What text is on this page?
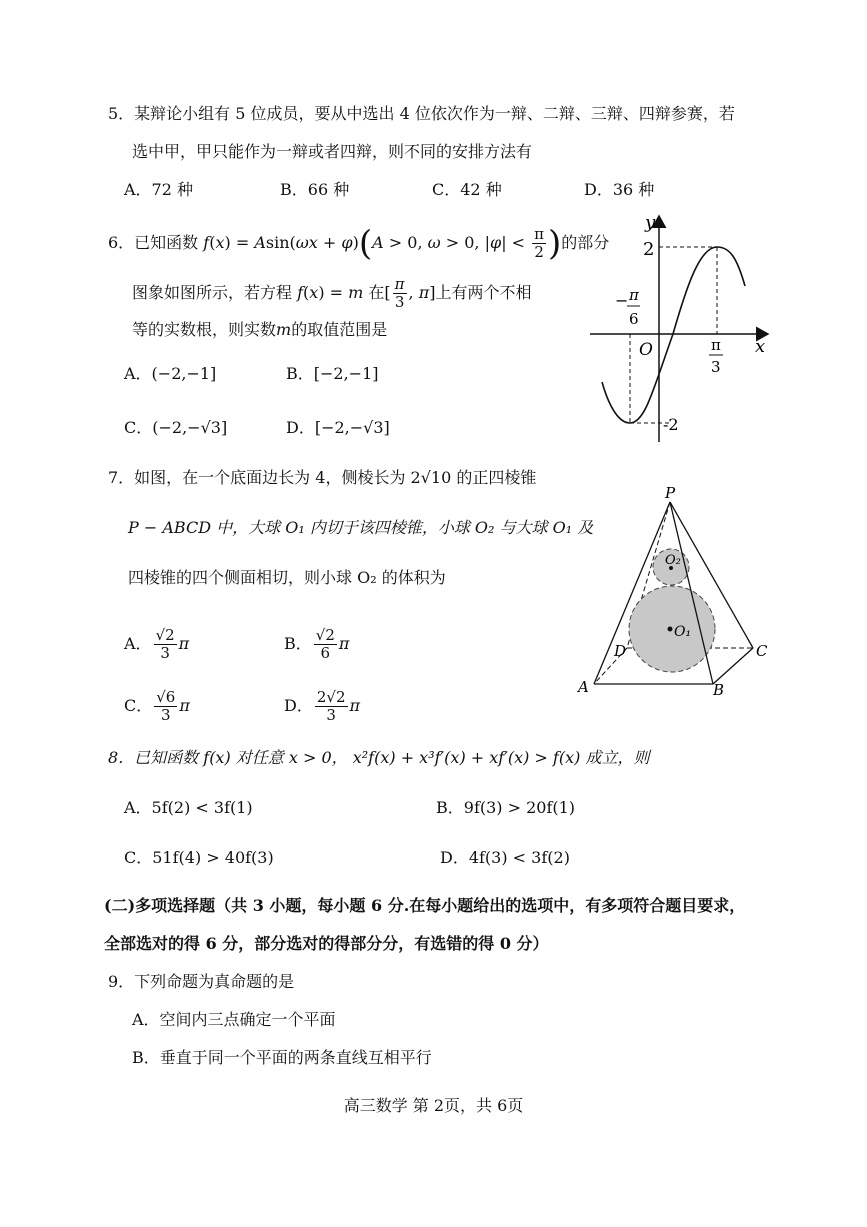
5．某辩论小组有 5 位成员，要从中选出 4 位依次作为一辩、二辩、三辩、四辩参赛，若
选中甲，甲只能作为一辩或者四辩，则不同的安排方法有
A．72 种	B．66 种	C．42 种	D．36 种
6．已知函数 f(x) = Asin(ωx + φ)(A > 0, ω > 0, $|\varphi| < \frac{\pi}{2}$ )的部分
图象如图所示，若方程 f(x) = m 在[ $\frac{\pi}{3}$ , π]上有两个不相
等的实数根，则实数m的取值范围是
A．(−2,−1]	B．[−2,−1]
C．(−2,−√3]	D．[−2,−√3]
y
2
O	x
-2
− π
6
π
3
7．如图，在一个底面边长为 4，侧棱长为 2√10 的正四棱锥
P − ABCD 中，大球 O₁ 内切于该四棱锥，小球 O₂ 与大球 O₁ 及
四棱锥的四个侧面相切，则小球 O₂ 的体积为
A． $\frac{√2}{3}$ π	B． $\frac{√2}{6}$ π
C． $\frac{√6}{3}$ π	D． $\frac{2√2}{3}$ π
P
A	B
C
D
O₁
O₂
8．已知函数 f(x) 对任意 x > 0， x²f(x) + x³f′(x) + xf′(x) > f(x) 成立，则
A．5f(2) < 3f(1)	B．9f(3) > 20f(1)
C．51f(4) > 40f(3)	D．4f(3) < 3f(2)
(二)多项选择题（共 3 小题，每小题 6 分.在每小题给出的选项中，有多项符合题目要求，
全部选对的得 6 分，部分选对的得部分分，有选错的得 0 分）
9．下列命题为真命题的是
A．空间内三点确定一个平面
B．垂直于同一个平面的两条直线互相平行
高三数学 第 2页，共 6页
